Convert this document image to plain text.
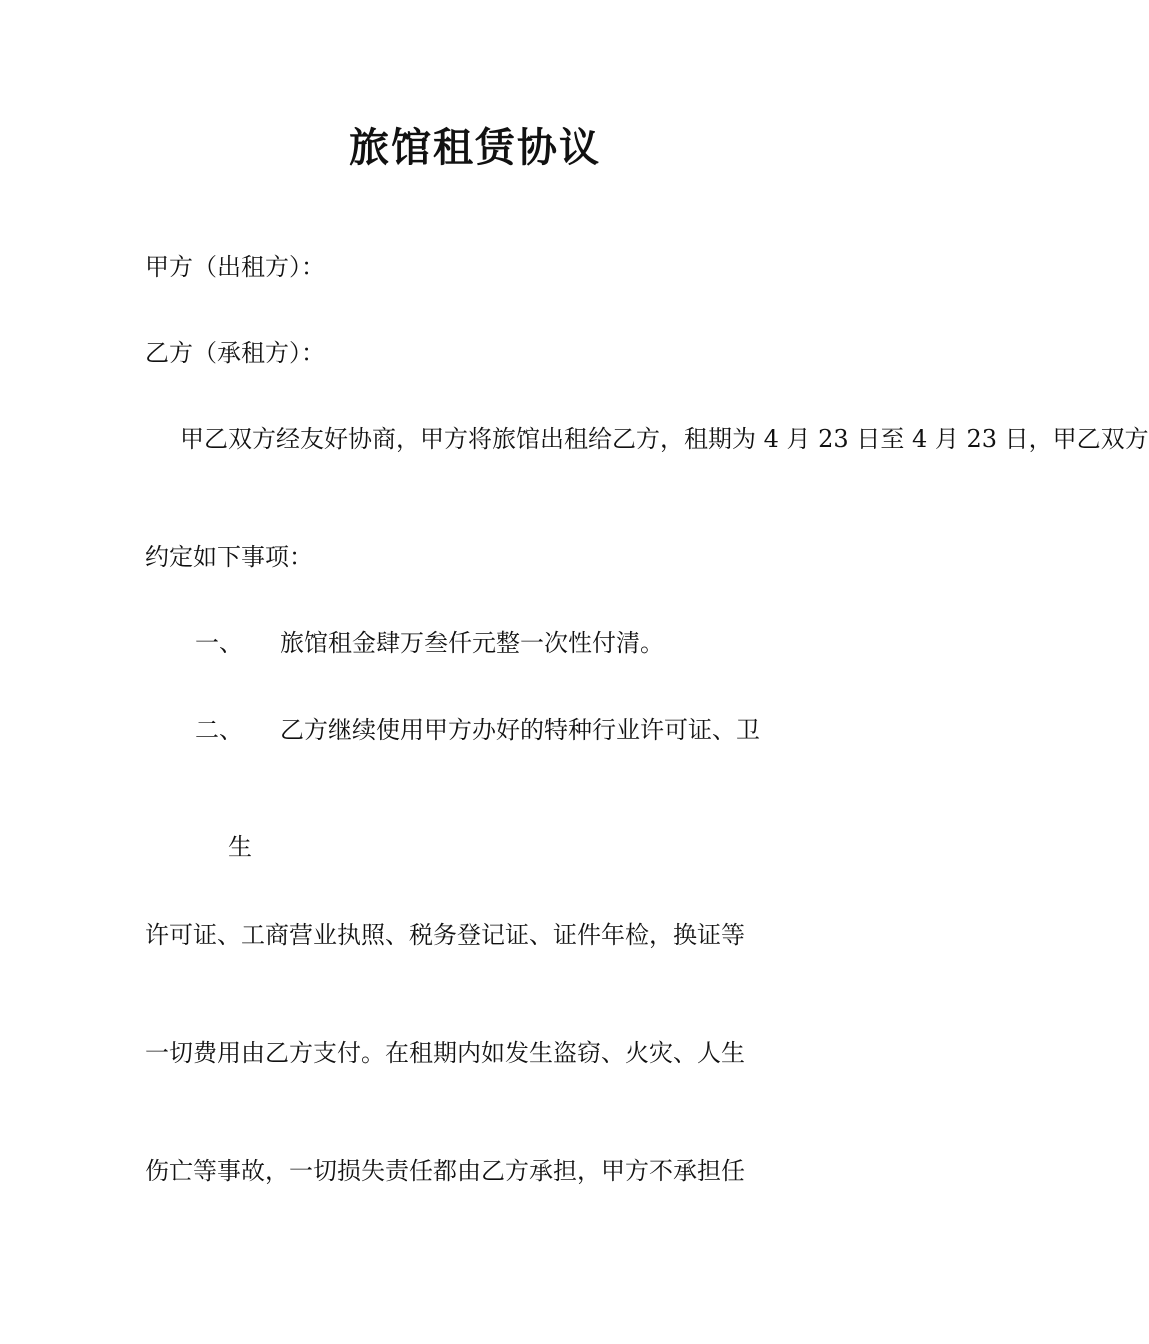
旅馆租赁协议
甲方（出租方）：
乙方（承租方）：
甲乙双方经友好协商，甲方将旅馆出租给乙方，租期为 4 月 23 日至 4 月 23 日，甲乙双方
约定如下事项：
一、 旅馆租金肆万叁仟元整一次性付清。
二、 乙方继续使用甲方办好的特种行业许可证、卫
生
许可证、工商营业执照、税务登记证、证件年检，换证等
一切费用由乙方支付。在租期内如发生盗窃、火灾、人生
伤亡等事故，一切损失责任都由乙方承担，甲方不承担任
